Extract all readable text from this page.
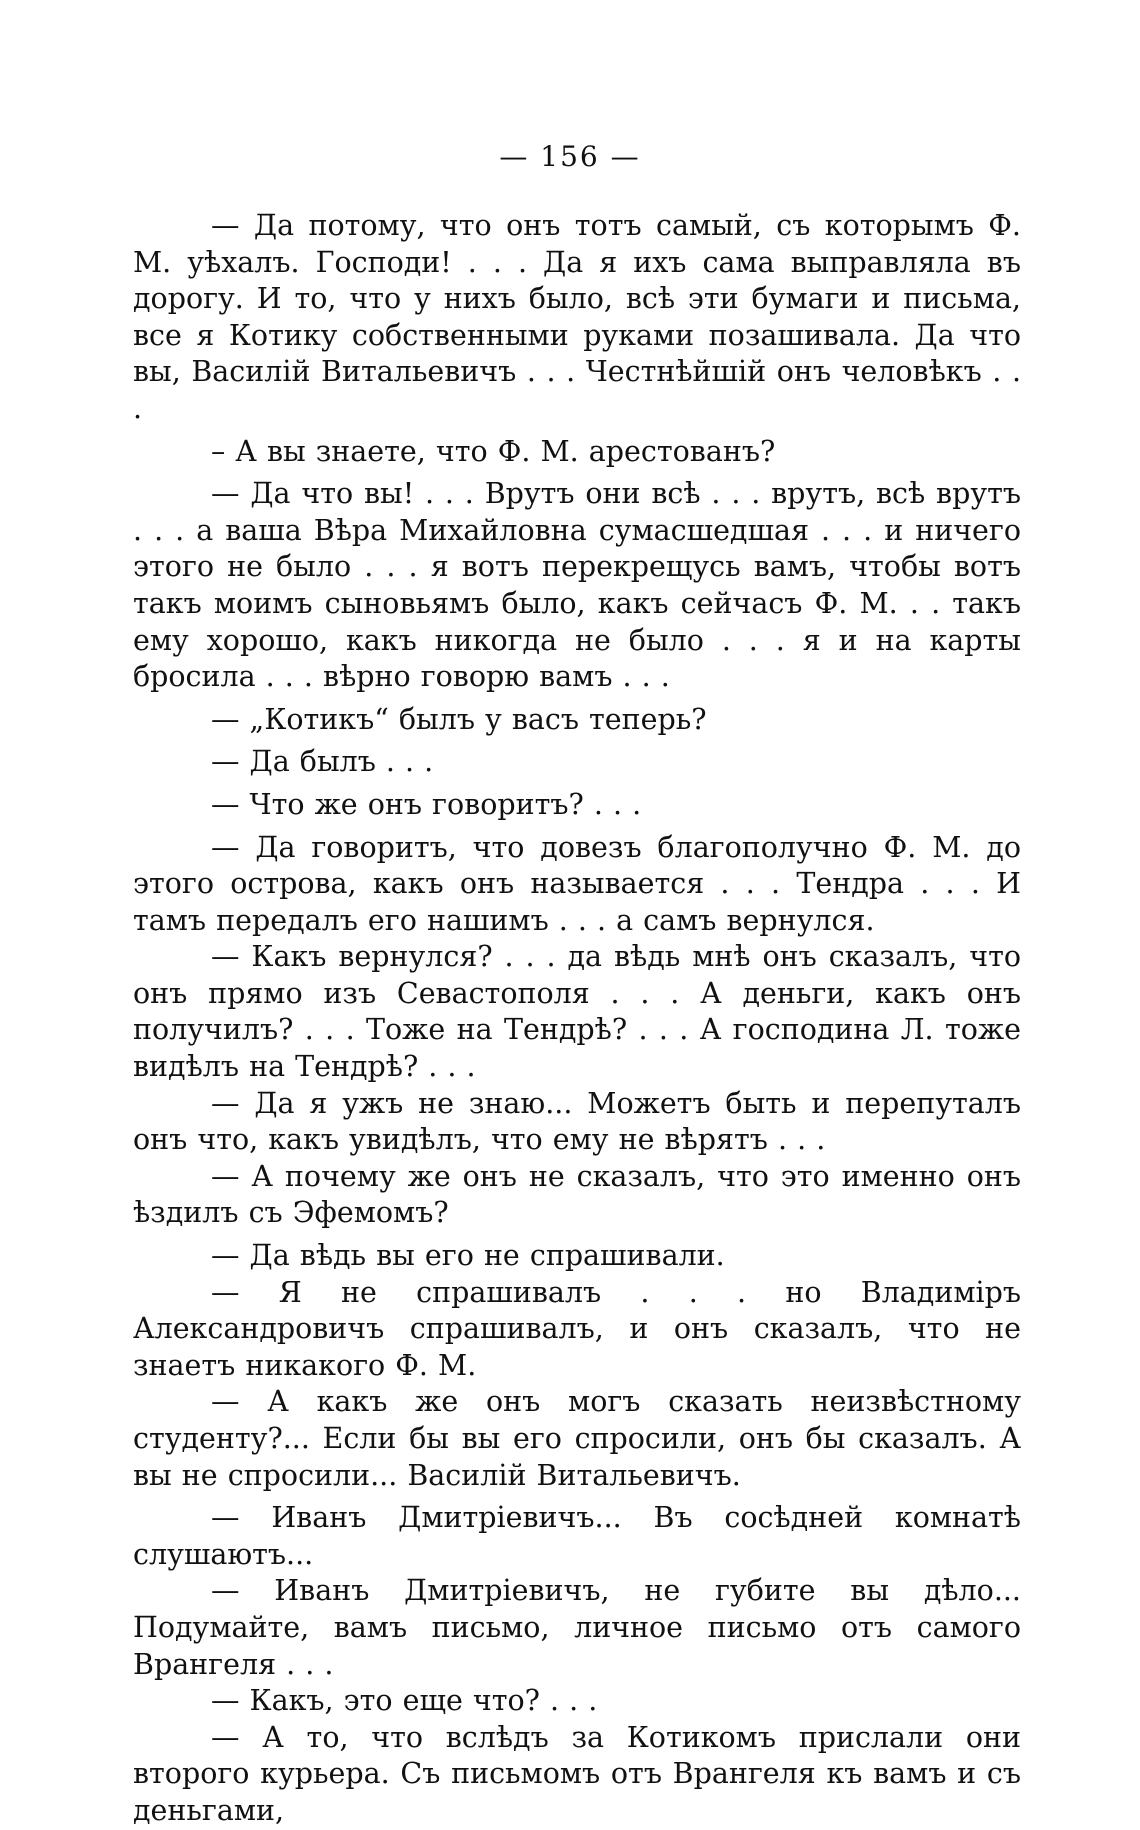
— 156 —

— Да потому, что онъ тотъ самый, съ которымъ Ф. М. уѣхалъ. Господи! . . . Да я ихъ сама выправляла въ дорогу. И то, что у нихъ было, всѣ эти бумаги и письма, все я Котику собственными руками позашивала. Да что вы, Василій Витальевичъ . . . Честнѣйшій онъ человѣкъ . . .

– А вы знаете, что Ф. М. арестованъ?

— Да что вы! . . . Врутъ они всѣ . . . врутъ, всѣ врутъ . . . а ваша Вѣра Михайловна сумасшедшая . . . и ничего этого не было . . . я вотъ перекрещусь вамъ, чтобы вотъ такъ моимъ сыновьямъ было, какъ сейчасъ Ф. М. . . такъ ему хорошо, какъ никогда не было . . . я и на карты бросила . . . вѣрно говорю вамъ . . .

— „Котикъ“ былъ у васъ теперь?

— Да былъ . . .

— Что же онъ говоритъ? . . .

— Да говоритъ, что довезъ благополучно Ф. М. до этого острова, какъ онъ называется . . . Тендра . . . И тамъ передалъ его нашимъ . . . а самъ вернулся.

— Какъ вернулся? . . . да вѣдь мнѣ онъ сказалъ, что онъ прямо изъ Севастополя . . . А деньги, какъ онъ получилъ? . . . Тоже на Тендрѣ? . . . А господина Л. тоже видѣлъ на Тендрѣ? . . .

— Да я ужъ не знаю... Можетъ быть и перепуталъ онъ что, какъ увидѣлъ, что ему не вѣрятъ . . .

— А почему же онъ не сказалъ, что это именно онъ ѣздилъ съ Эфемомъ?

— Да вѣдь вы его не спрашивали.

— Я не спрашивалъ . . . но Владиміръ Александровичъ спрашивалъ, и онъ сказалъ, что не знаетъ никакого Ф. М.

— А какъ же онъ могъ сказать неизвѣстному студенту?... Если бы вы его спросили, онъ бы сказалъ. А вы не спросили... Василій Витальевичъ.

— Иванъ Дмитріевичъ... Въ сосѣдней комнатѣ слушаютъ...

— Иванъ Дмитріевичъ, не губите вы дѣло... Подумайте, вамъ письмо, личное письмо отъ самого Врангеля . . .

— Какъ, это еще что? . . .

— А то, что вслѣдъ за Котикомъ прислали они второго курьера. Съ письмомъ отъ Врангеля къ вамъ и съ деньгами,
